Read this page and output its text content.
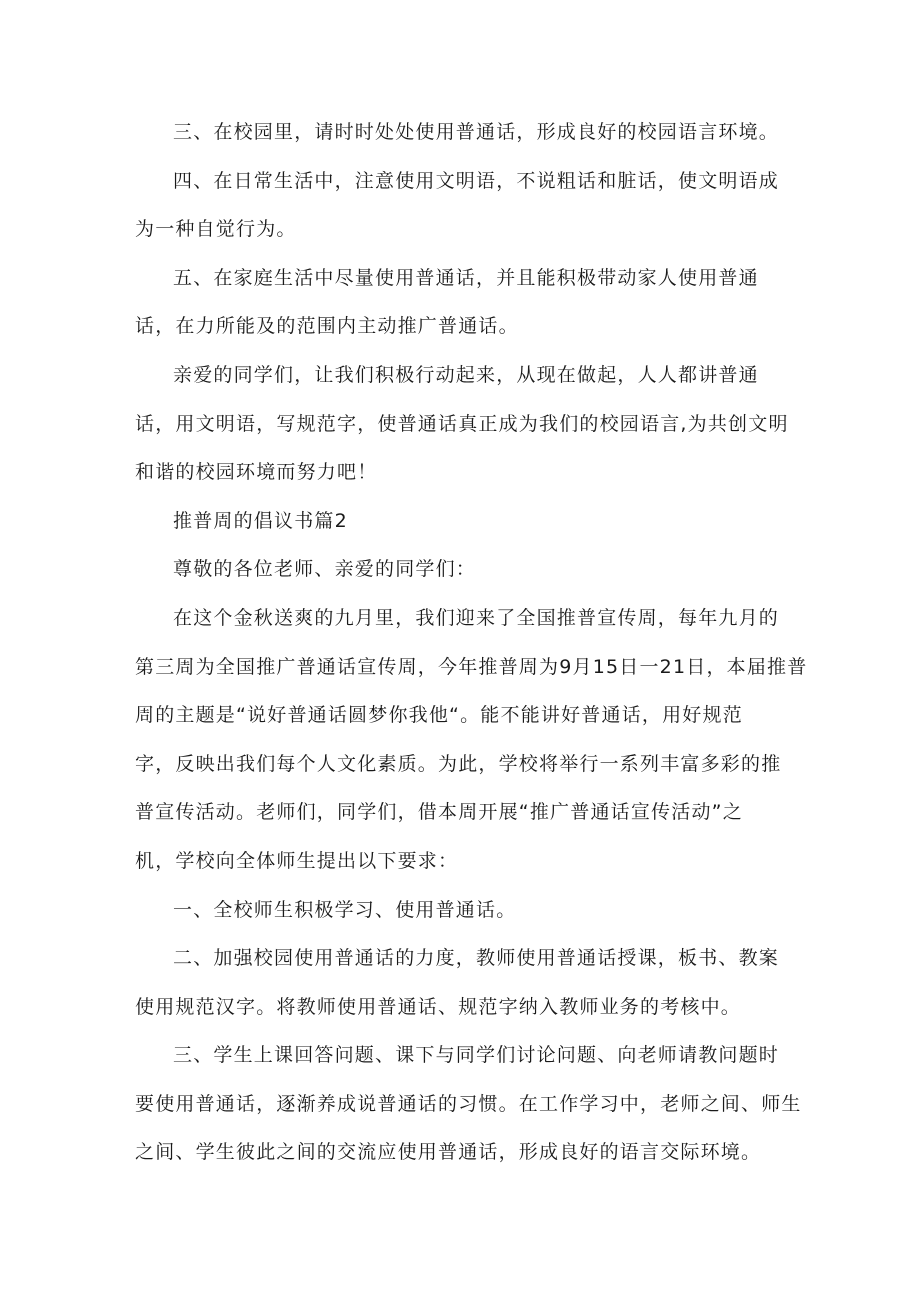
三、在校园里，请时时处处使用普通话，形成良好的校园语言环境。
四、在日常生活中，注意使用文明语，不说粗话和脏话，使文明语成
为一种自觉行为。
五、在家庭生活中尽量使用普通话，并且能积极带动家人使用普通
话，在力所能及的范围内主动推广普通话。
亲爱的同学们，让我们积极行动起来，从现在做起，人人都讲普通
话，用文明语，写规范字，使普通话真正成为我们的校园语言,为共创文明
和谐的校园环境而努力吧！
推普周的倡议书篇2
尊敬的各位老师、亲爱的同学们：
在这个金秋送爽的九月里，我们迎来了全国推普宣传周，每年九月的
第三周为全国推广普通话宣传周，今年推普周为9月15日一21日，本届推普
周的主题是“说好普通话圆梦你我他“。能不能讲好普通话，用好规范
字，反映出我们每个人文化素质。为此，学校将举行一系列丰富多彩的推
普宣传活动。老师们，同学们，借本周开展“推广普通话宣传活动”之
机，学校向全体师生提出以下要求：
一、全校师生积极学习、使用普通话。
二、加强校园使用普通话的力度，教师使用普通话授课，板书、教案
使用规范汉字。将教师使用普通话、规范字纳入教师业务的考核中。
三、学生上课回答问题、课下与同学们讨论问题、向老师请教问题时
要使用普通话，逐渐养成说普通话的习惯。在工作学习中，老师之间、师生
之间、学生彼此之间的交流应使用普通话，形成良好的语言交际环境。
